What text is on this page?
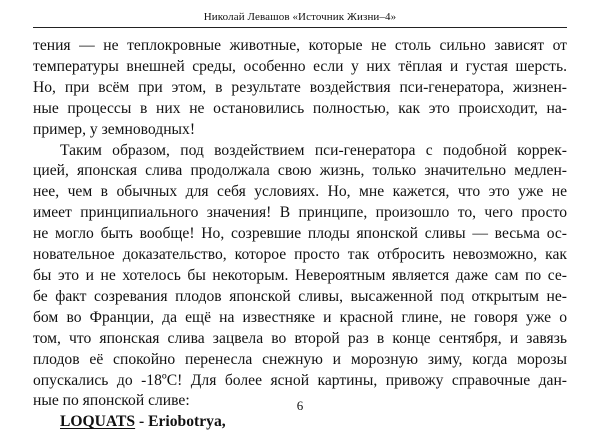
Николай Левашов «Источник Жизни–4»

тения — не теплокровные животные, которые не столь сильно зависят от
температуры внешней среды, особенно если у них тёплая и густая шерсть.
Но, при всём при этом, в результате воздействия пси-генератора, жизнен-
ные процессы в них не остановились полностью, как это происходит, на-
пример, у земноводных!

Таким образом, под воздействием пси-генератора с подобной коррек-
цией, японская слива продолжала свою жизнь, только значительно медлен-
нее, чем в обычных для себя условиях. Но, мне кажется, что это уже не
имеет принципиального значения! В принципе, произошло то, чего просто
не могло быть вообще! Но, созревшие плоды японской сливы — весьма ос-
новательное доказательство, которое просто так отбросить невозможно, как
бы это и не хотелось бы некоторым. Невероятным является даже сам по се-
бе факт созревания плодов японской сливы, высаженной под открытым не-
бом во Франции, да ещё на известняке и красной глине, не говоря уже о
том, что японская слива зацвела во второй раз в конце сентября, и завязь
плодов её спокойно перенесла снежную и морозную зиму, когда морозы
опускались до -18ºC! Для более ясной картины, привожу справочные дан-
ные по японской сливе:

LOQUATS - Eriobotrya,

6
